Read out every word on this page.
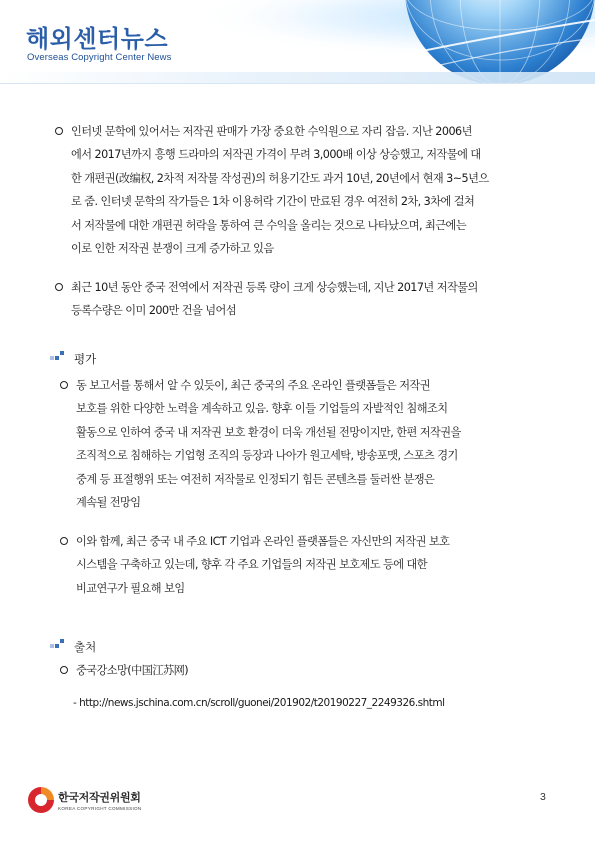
해외센터뉴스
Overseas Copyright Center News
인터넷 문학에 있어서는 저작권 판매가 가장 중요한 수익원으로 자리 잡음. 지난 2006년
에서 2017년까지 흥행 드라마의 저작권 가격이 무려 3,000배 이상 상승했고, 저작물에 대
한 개편권(改编权, 2차적 저작물 작성권)의 허용기간도 과거 10년, 20년에서 현재 3~5년으
로 줌. 인터넷 문학의 작가들은 1차 이용허락 기간이 만료된 경우 여전히 2차, 3차에 걸쳐
서 저작물에 대한 개편권 허락을 통하여 큰 수익을 올리는 것으로 나타났으며, 최근에는
이로 인한 저작권 분쟁이 크게 증가하고 있음
최근 10년 동안 중국 전역에서 저작권 등록 량이 크게 상승했는데, 지난 2017년 저작물의
등록수량은 이미 200만 건을 넘어섬
평가
동 보고서를 통해서 알 수 있듯이, 최근 중국의 주요 온라인 플랫폼들은 저작권
보호를 위한 다양한 노력을 계속하고 있음. 향후 이들 기업들의 자발적인 침해조치
활동으로 인하여 중국 내 저작권 보호 환경이 더욱 개선될 전망이지만, 한편 저작권을
조직적으로 침해하는 기업형 조직의 등장과 나아가 원고세탁, 방송포맷, 스포츠 경기
중계 등 표절행위 또는 여전히 저작물로 인정되기 힘든 콘텐츠를 둘러싼 분쟁은
계속될 전망임
이와 함께, 최근 중국 내 주요 ICT 기업과 온라인 플랫폼들은 자신만의 저작권 보호
시스템을 구축하고 있는데, 향후 각 주요 기업들의 저작권 보호제도 등에 대한
비교연구가 필요해 보임
출처
중국강소망(中国江苏网)
- http://news.jschina.com.cn/scroll/guonei/201902/t20190227_2249326.shtml
한국저작권위원회
KOREA COPYRIGHT COMMISSION
3
